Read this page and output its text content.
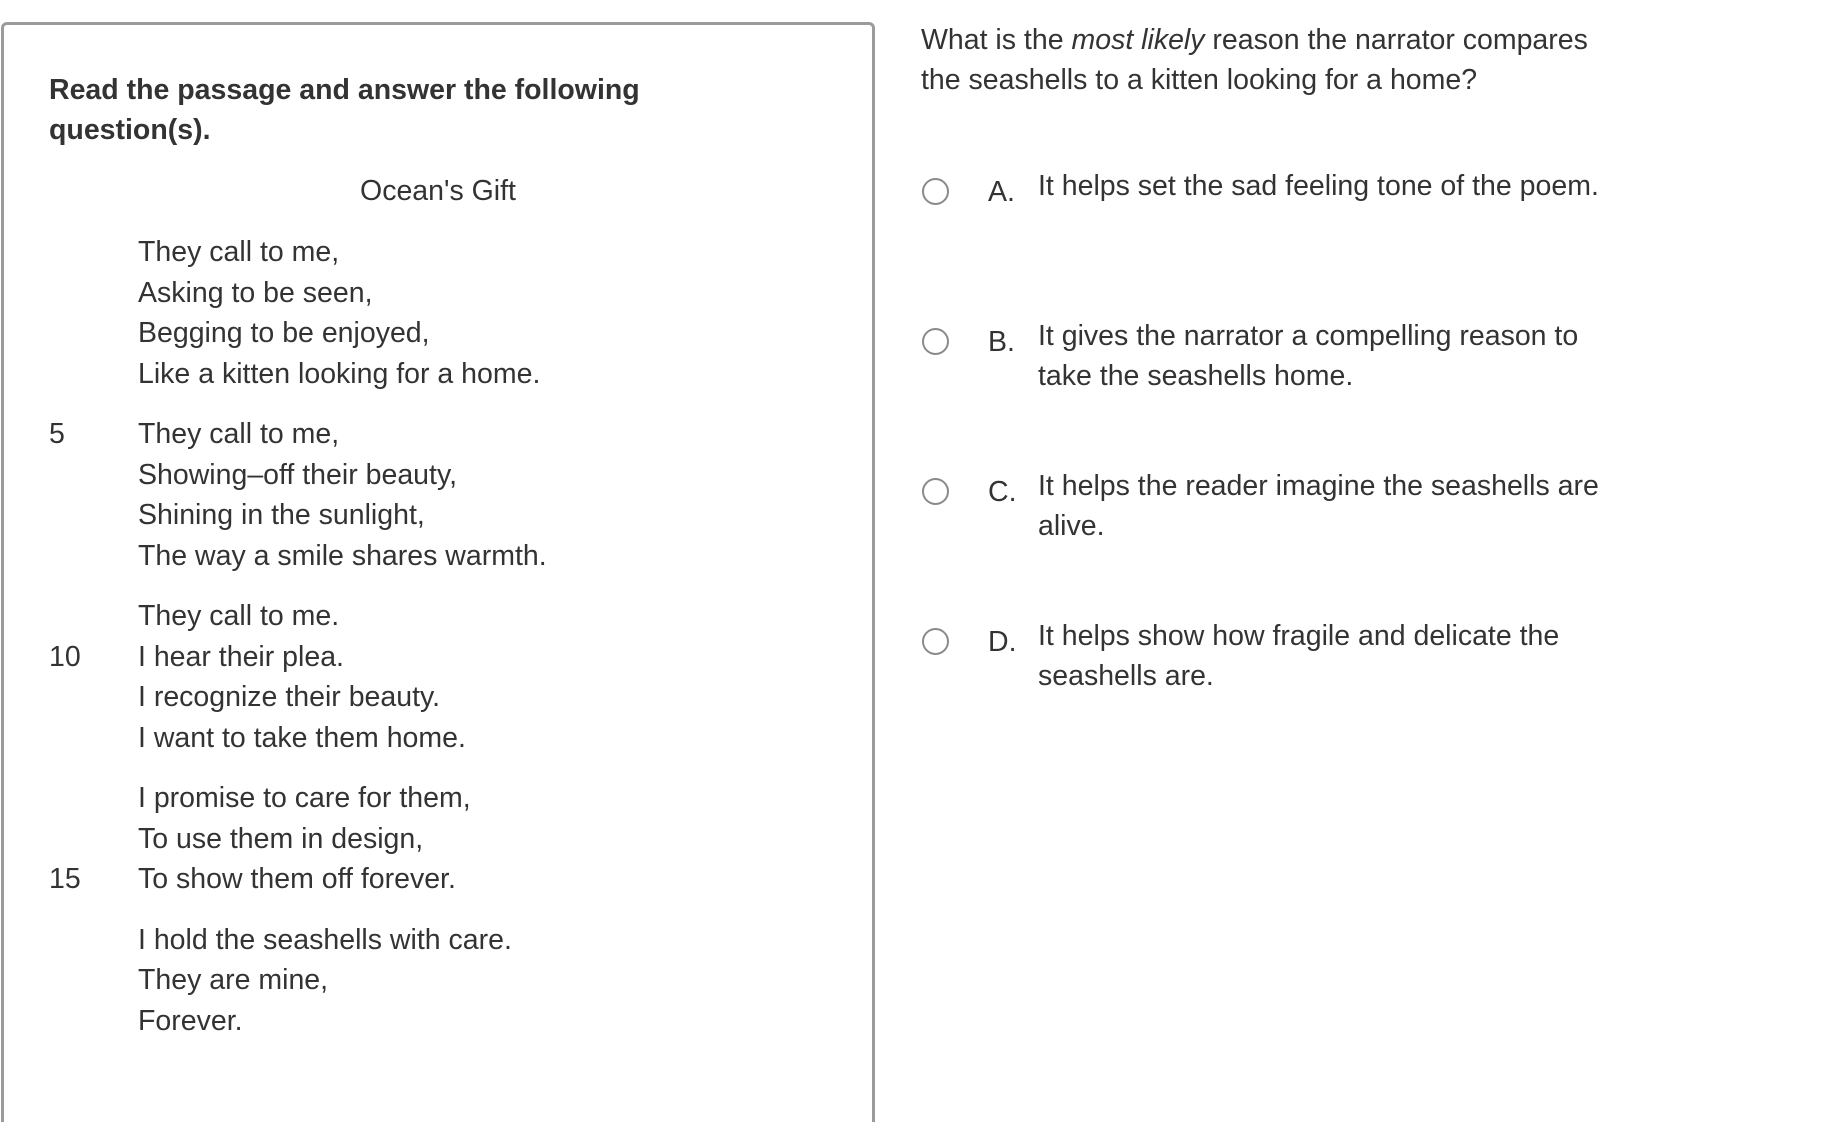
Read the passage and answer the following question(s).
Ocean's Gift
They call to me,
Asking to be seen,
Begging to be enjoyed,
Like a kitten looking for a home.
5	They call to me,
Showing–off their beauty,
Shining in the sunlight,
The way a smile shares warmth.
They call to me.
10 I hear their plea.
I recognize their beauty.
I want to take them home.
I promise to care for them,
To use them in design,
15 To show them off forever.
I hold the seashells with care.
They are mine,
Forever.
What is the most likely reason the narrator compares the seashells to a kitten looking for a home?
A. It helps set the sad feeling tone of the poem.
B. It gives the narrator a compelling reason to take the seashells home.
C. It helps the reader imagine the seashells are alive.
D. It helps show how fragile and delicate the seashells are.
